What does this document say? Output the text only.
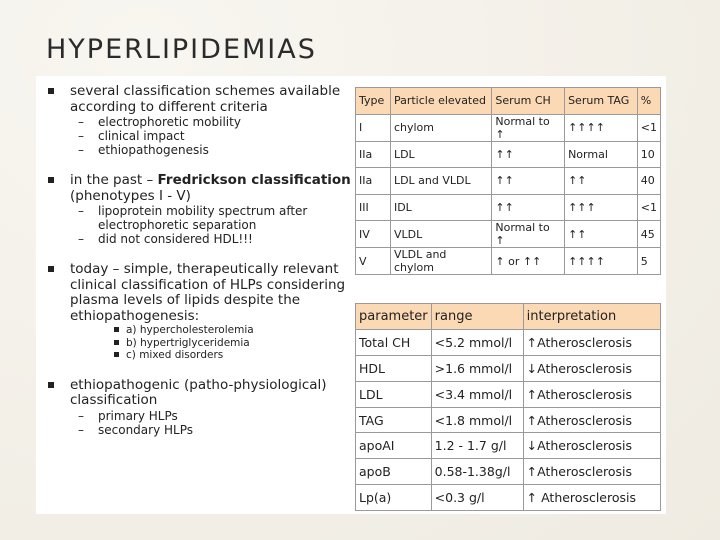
HYPERLIPIDEMIAS
several classification schemes available according to different criteria
– electrophoretic mobility
– clinical impact
– ethiopathogenesis
in the past – Fredrickson classification (phenotypes I - V)
– lipoprotein mobility spectrum after electrophoretic separation
– did not considered HDL!!!
today – simple, therapeutically relevant clinical classification of HLPs considering plasma levels of lipids despite the ethiopathogenesis:
a) hypercholesterolemia
b) hypertriglyceridemia
c) mixed disorders
ethiopathogenic (patho-physiological) classification
– primary HLPs
– secondary HLPs
Type	Particle elevated	Serum CH	Serum TAG	%
I	chylom	Normal to ↑	↑↑↑↑	<1
IIa	LDL	↑↑	Normal	10
IIa	LDL and VLDL	↑↑	↑↑	40
III	IDL	↑↑	↑↑↑	<1
IV	VLDL	Normal to ↑	↑↑	45
V	VLDL and chylom	↑ or ↑↑	↑↑↑↑	5
parameter	range	interpretation
Total CH	<5.2 mmol/l	↑Atherosclerosis
HDL	>1.6 mmol/l	↓Atherosclerosis
LDL	<3.4 mmol/l	↑Atherosclerosis
TAG	<1.8 mmol/l	↑Atherosclerosis
apoAI	1.2 - 1.7 g/l	↓Atherosclerosis
apoB	0.58-1.38g/l	↑Atherosclerosis
Lp(a)	<0.3 g/l	↑ Atherosclerosis
